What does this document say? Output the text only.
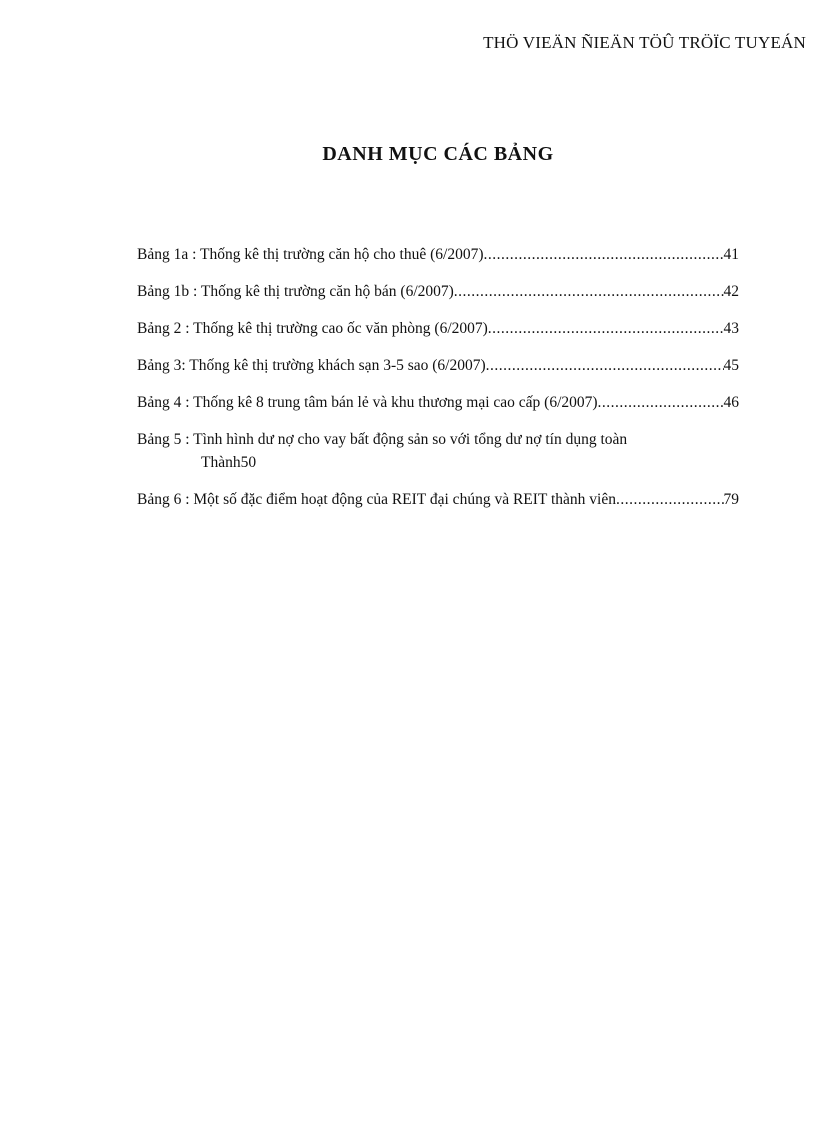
THÖ VIEÄN ÑIEÄN TÖÛ TRÖÏC TUYEÁN
DANH MỤC CÁC BẢNG
Bảng 1a : Thống kê thị trường căn hộ cho thuê (6/2007) .....	41
Bảng 1b : Thống kê thị trường căn hộ bán (6/2007) .....	42
Bảng 2 : Thống kê thị trường cao ốc văn phòng (6/2007) .....	43
Bảng 3: Thống kê thị trường khách sạn 3-5 sao (6/2007) .....	45
Bảng 4 : Thống kê 8 trung tâm bán lẻ và khu thương mại cao cấp (6/2007) .....	46
Bảng 5 : Tình hình dư nợ cho vay bất động sản so với tổng dư nợ tín dụng toàn
Thành 50
Bảng 6 : Một số đặc điểm hoạt động của REIT đại chúng và REIT thành viên .....	79
